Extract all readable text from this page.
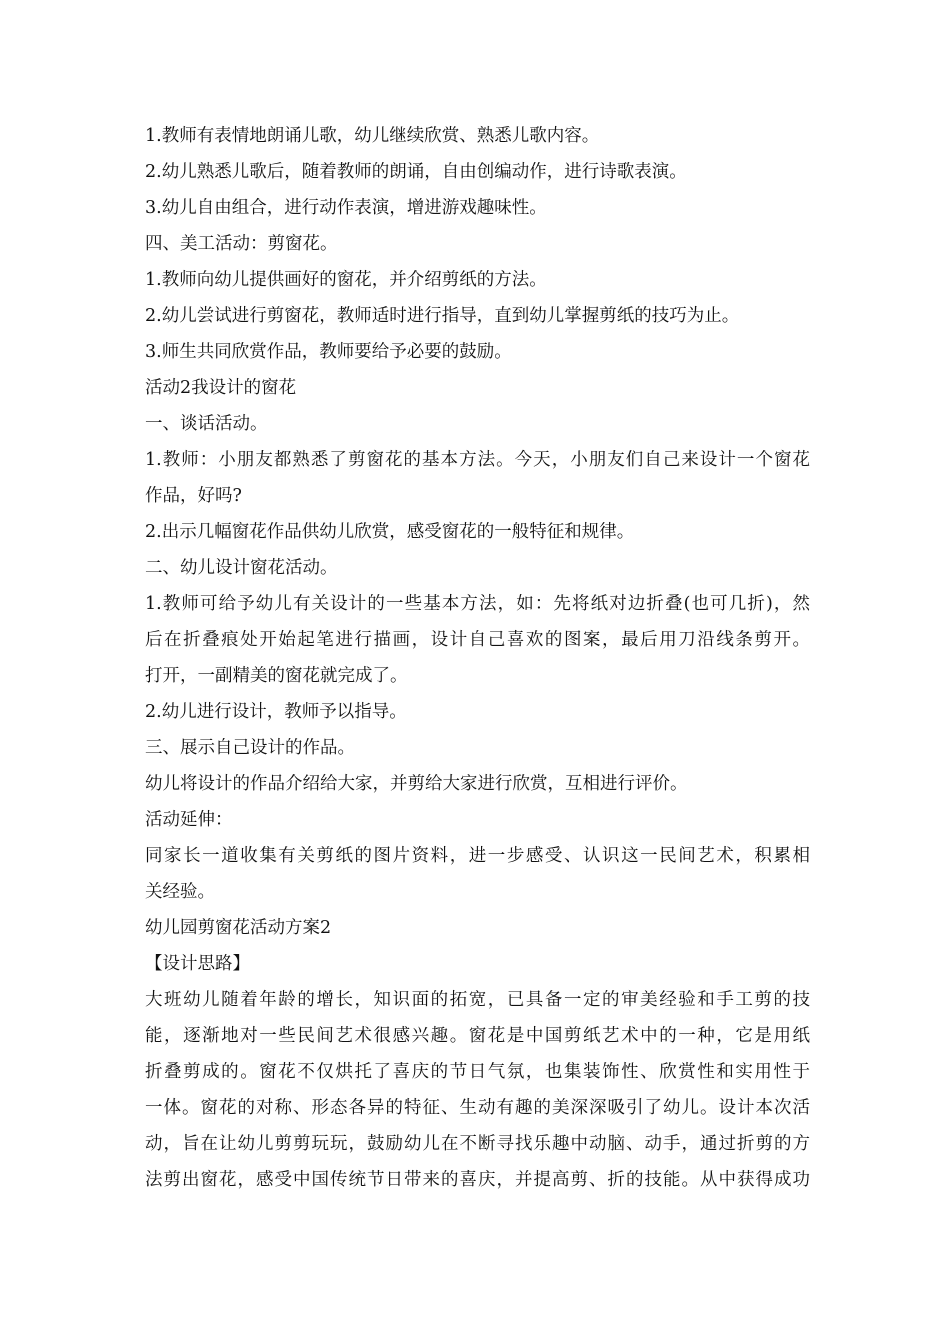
1.教师有表情地朗诵儿歌，幼儿继续欣赏、熟悉儿歌内容。
2.幼儿熟悉儿歌后，随着教师的朗诵，自由创编动作，进行诗歌表演。
3.幼儿自由组合，进行动作表演，增进游戏趣味性。
四、美工活动：剪窗花。
1.教师向幼儿提供画好的窗花，并介绍剪纸的方法。
2.幼儿尝试进行剪窗花，教师适时进行指导，直到幼儿掌握剪纸的技巧为止。
3.师生共同欣赏作品，教师要给予必要的鼓励。
活动2我设计的窗花
一、谈话活动。
1.教师：小朋友都熟悉了剪窗花的基本方法。今天，小朋友们自己来设计一个窗花
作品，好吗?
2.出示几幅窗花作品供幼儿欣赏，感受窗花的一般特征和规律。
二、幼儿设计窗花活动。
1.教师可给予幼儿有关设计的一些基本方法，如：先将纸对边折叠(也可几折)，然
后在折叠痕处开始起笔进行描画，设计自己喜欢的图案，最后用刀沿线条剪开。
打开，一副精美的窗花就完成了。
2.幼儿进行设计，教师予以指导。
三、展示自己设计的作品。
幼儿将设计的作品介绍给大家，并剪给大家进行欣赏，互相进行评价。
活动延伸：
同家长一道收集有关剪纸的图片资料，进一步感受、认识这一民间艺术，积累相
关经验。
幼儿园剪窗花活动方案2
【设计思路】
大班幼儿随着年龄的增长，知识面的拓宽，已具备一定的审美经验和手工剪的技
能，逐渐地对一些民间艺术很感兴趣。窗花是中国剪纸艺术中的一种，它是用纸
折叠剪成的。窗花不仅烘托了喜庆的节日气氛，也集装饰性、欣赏性和实用性于
一体。窗花的对称、形态各异的特征、生动有趣的美深深吸引了幼儿。设计本次活
动，旨在让幼儿剪剪玩玩，鼓励幼儿在不断寻找乐趣中动脑、动手，通过折剪的方
法剪出窗花，感受中国传统节日带来的喜庆，并提高剪、折的技能。从中获得成功
